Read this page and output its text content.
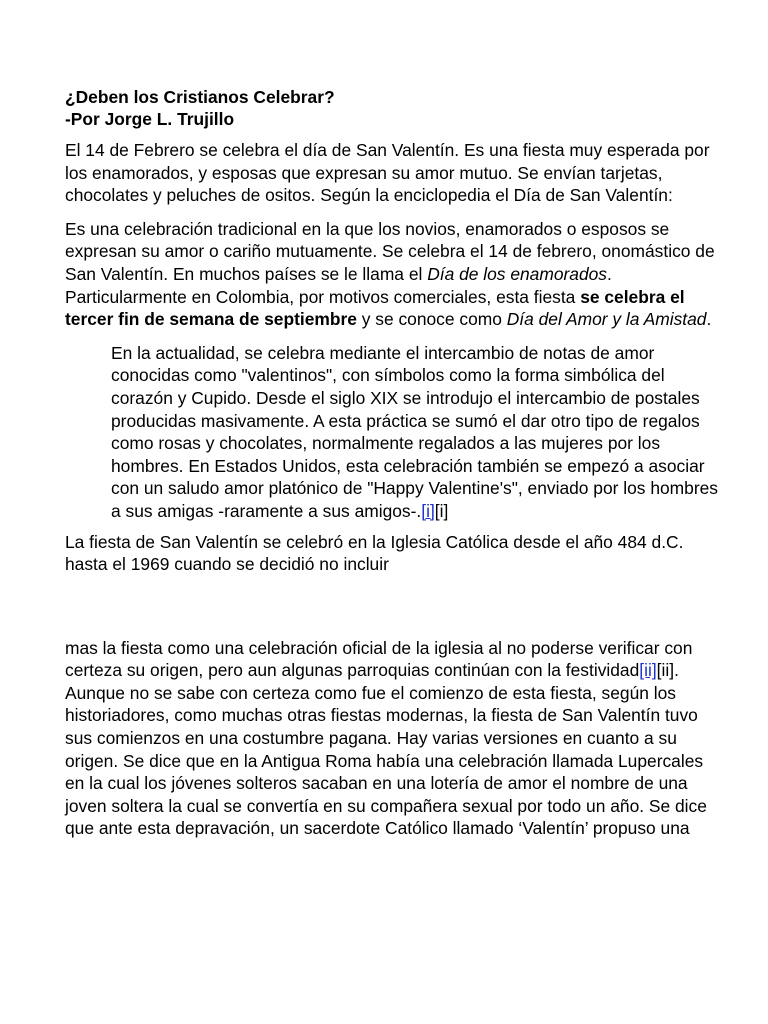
¿Deben los Cristianos Celebrar?
-Por Jorge L. Trujillo

El 14 de Febrero se celebra el día de San Valentín. Es una fiesta muy esperada por los enamorados, y esposas que expresan su amor mutuo. Se envían tarjetas, chocolates y peluches de ositos. Según la enciclopedia el Día de San Valentín:

Es una celebración tradicional en la que los novios, enamorados o esposos se expresan su amor o cariño mutuamente. Se celebra el 14 de febrero, onomástico de San Valentín. En muchos países se le llama el Día de los enamorados. Particularmente en Colombia, por motivos comerciales, esta fiesta se celebra el tercer fin de semana de septiembre y se conoce como Día del Amor y la Amistad.

En la actualidad, se celebra mediante el intercambio de notas de amor conocidas como "valentinos", con símbolos como la forma simbólica del corazón y Cupido. Desde el siglo XIX se introdujo el intercambio de postales producidas masivamente. A esta práctica se sumó el dar otro tipo de regalos como rosas y chocolates, normalmente regalados a las mujeres por los hombres. En Estados Unidos, esta celebración también se empezó a asociar con un saludo amor platónico de "Happy Valentine's", enviado por los hombres a sus amigas -raramente a sus amigos-.[i][i]

La fiesta de San Valentín se celebró en la Iglesia Católica desde el año 484 d.C. hasta el 1969 cuando se decidió no incluir

mas la fiesta como una celebración oficial de la iglesia al no poderse verificar con certeza su origen, pero aun algunas parroquias continúan con la festividad[ii][ii]. Aunque no se sabe con certeza como fue el comienzo de esta fiesta, según los historiadores, como muchas otras fiestas modernas, la fiesta de San Valentín tuvo sus comienzos en una costumbre pagana. Hay varias versiones en cuanto a su origen. Se dice que en la Antigua Roma había una celebración llamada Lupercales en la cual los jóvenes solteros sacaban en una lotería de amor el nombre de una joven soltera la cual se convertía en su compañera sexual por todo un año. Se dice que ante esta depravación, un sacerdote Católico llamado ‘Valentín’ propuso una
